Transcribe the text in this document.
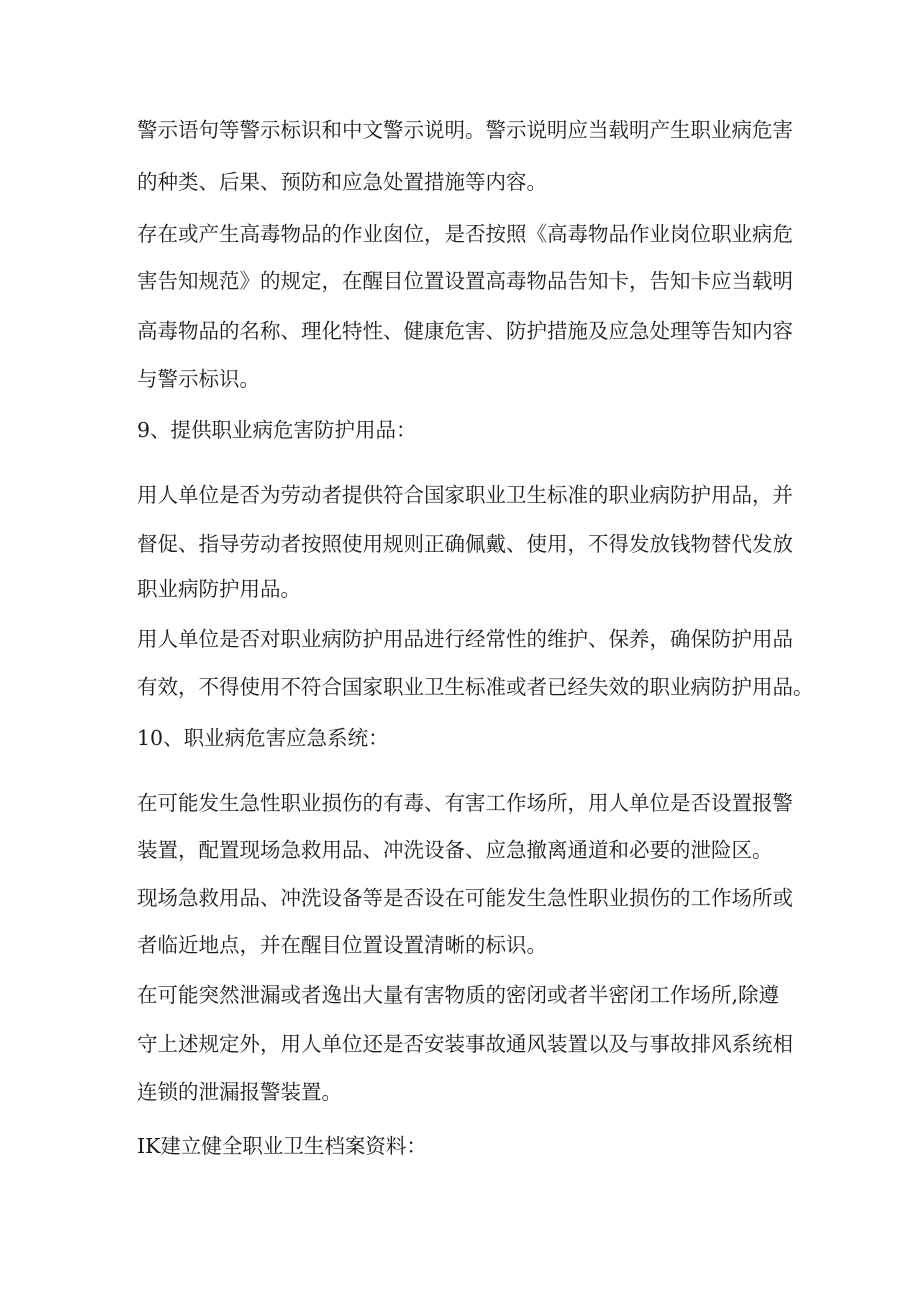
警示语句等警示标识和中文警示说明。警示说明应当载明产生职业病危害
的种类、后果、预防和应急处置措施等内容。
存在或产生高毒物品的作业囱位，是否按照《高毒物品作业岗位职业病危
害告知规范》的规定，在醒目位置设置高毒物品告知卡，告知卡应当载明
高毒物品的名称、理化特性、健康危害、防护措施及应急处理等告知内容
与警示标识。
9、提供职业病危害防护用品：
用人单位是否为劳动者提供符合国家职业卫生标准的职业病防护用品，并
督促、指导劳动者按照使用规则正确佩戴、使用，不得发放钱物替代发放
职业病防护用品。
用人单位是否对职业病防护用品进行经常性的维护、保养，确保防护用品
有效，不得使用不符合国家职业卫生标准或者已经失效的职业病防护用品。
10、职业病危害应急系统：
在可能发生急性职业损伤的有毒、有害工作场所，用人单位是否设置报警
装置，配置现场急救用品、冲洗设备、应急撤离通道和必要的泄险区。
现场急救用品、冲洗设备等是否设在可能发生急性职业损伤的工作场所或
者临近地点，并在醒目位置设置清晰的标识。
在可能突然泄漏或者逸出大量有害物质的密闭或者半密闭工作场所,除遵
守上述规定外，用人单位还是否安装事故通风装置以及与事故排风系统相
连锁的泄漏报警装置。
IK建立健全职业卫生档案资料：
